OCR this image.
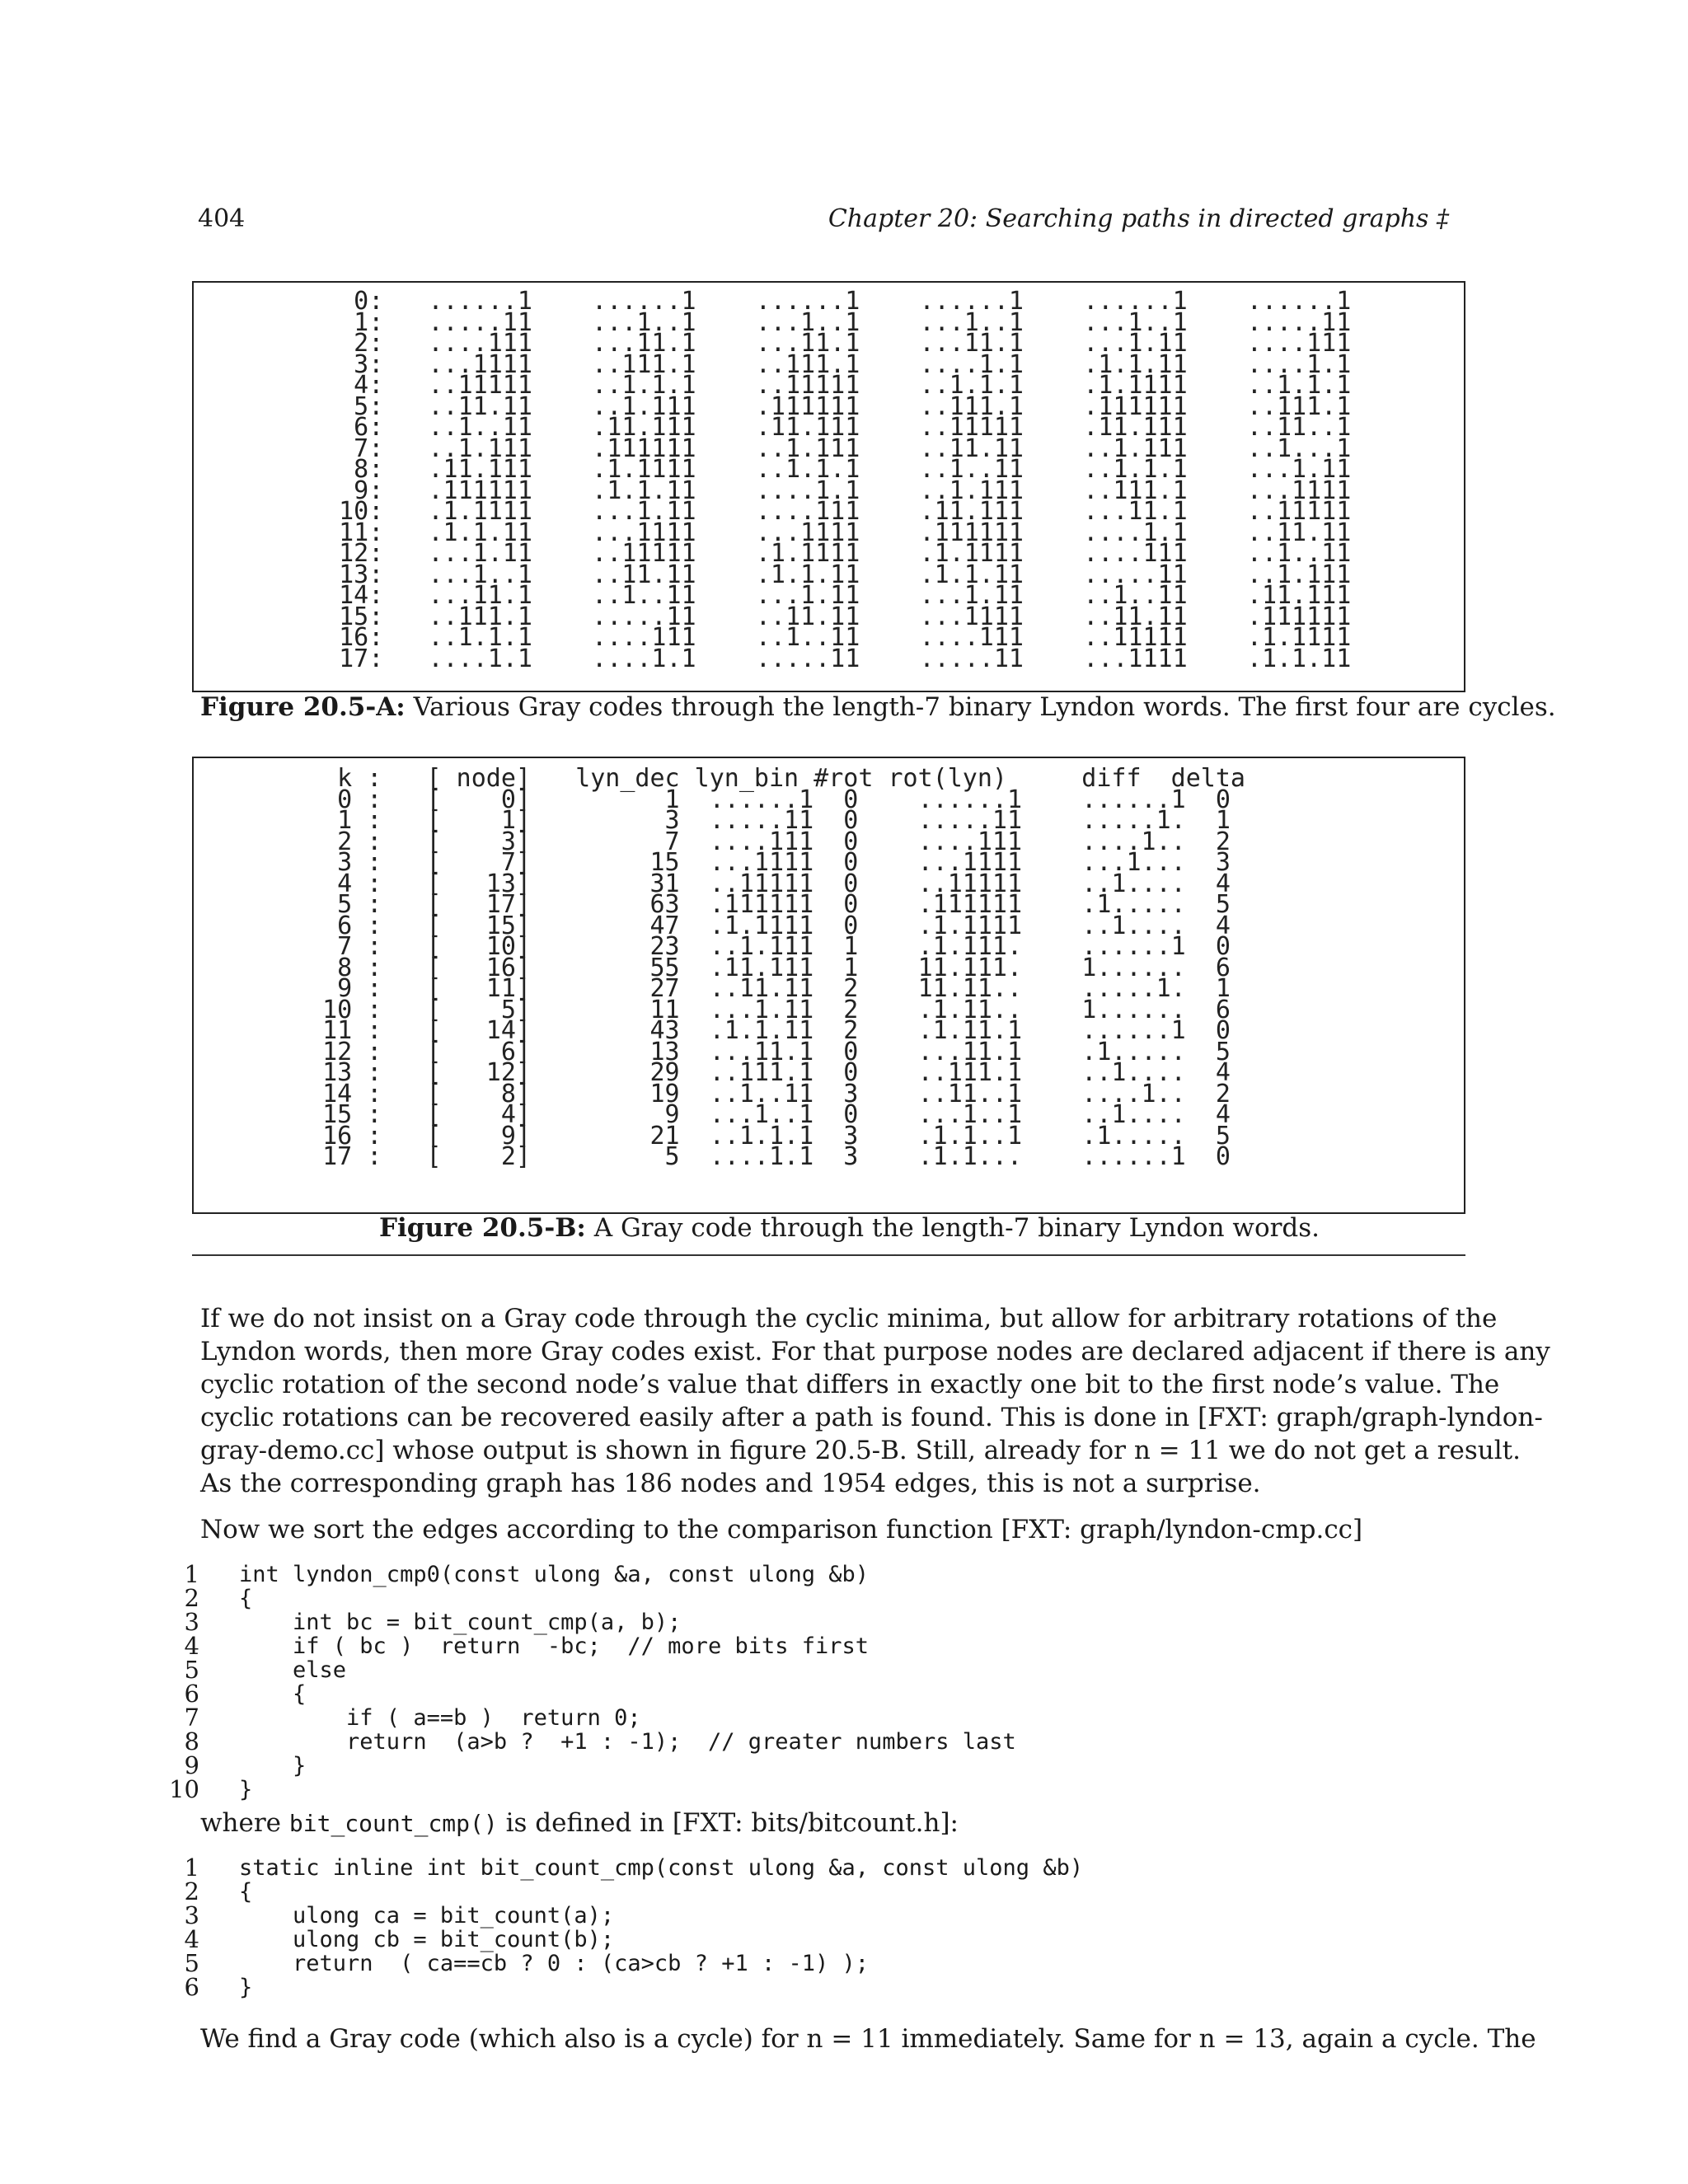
404	Chapter 20: Searching paths in directed graphs ‡
0:   ......1    ......1    ......1    ......1    ......1    ......1
1:   .....11    ...1..1    ...1..1    ...1..1    ...1..1    .....11
2:   ....111    ...11.1    ...11.1    ...11.1    ...1.11    ....111
3:   ...1111    ..111.1    ..111.1    ....1.1    .1.1.11    ....1.1
4:   ..11111    ..1.1.1    ..11111    ..1.1.1    .1.1111    ..1.1.1
5:   ..11.11    ..1.111    .111111    ..111.1    .111111    ..111.1
6:   ..1..11    .11.111    .11.111    ..11111    .11.111    ..11..1
7:   ..1.111    .111111    ..1.111    ..11.11    ..1.111    ..1...1
8:   .11.111    .1.1111    ..1.1.1    ..1..11    ..1.1.1    ...1.11
9:   .111111    .1.1.11    ....1.1    ..1.111    ..111.1    ...1111
10:   .1.1111    ...1.11    ....111    .11.111    ...11.1    ..11111
11:   .1.1.11    ...1111    ...1111    .111111    ....1.1    ..11.11
12:   ...1.11    ..11111    .1.1111    .1.1111    ....111    ..1..11
13:   ...1..1    ..11.11    .1.1.11    .1.1.11    .....11    ..1.111
14:   ...11.1    ..1..11    ...1.11    ...1.11    ..1..11    .11.111
15:   ..111.1    .....11    ..11.11    ...1111    ..11.11    .111111
16:   ..1.1.1    ....111    ..1..11    ....111    ..11111    .1.1111
17:   ....1.1    ....1.1    .....11    .....11    ...1111    .1.1.11
Figure 20.5-A: Various Gray codes through the length-7 binary Lyndon words. The first four are cycles.
k :   [ node]   lyn_dec lyn_bin #rot rot(lyn)     diff  delta
0 :   [    0]         1  ......1  0    ......1    ......1  0
1 :   [    1]         3  .....11  0    .....11    .....1.  1
2 :   [    3]         7  ....111  0    ....111    ....1..  2
3 :   [    7]        15  ...1111  0    ...1111    ...1...  3
4 :   [   13]        31  ..11111  0    ..11111    ..1....  4
5 :   [   17]        63  .111111  0    .111111    .1.....  5
6 :   [   15]        47  .1.1111  0    .1.1111    ..1....  4
7 :   [   10]        23  ..1.111  1    .1.111.    ......1  0
8 :   [   16]        55  .11.111  1    11.111.    1......  6
9 :   [   11]        27  ..11.11  2    11.11..    .....1.  1
10 :   [    5]        11  ...1.11  2    .1.11..    1......  6
11 :   [   14]        43  .1.1.11  2    .1.11.1    ......1  0
12 :   [    6]        13  ...11.1  0    ...11.1    .1.....  5
13 :   [   12]        29  ..111.1  0    ..111.1    ..1....  4
14 :   [    8]        19  ..1..11  3    ..11..1    ....1..  2
15 :   [    4]         9  ...1..1  0    ...1..1    ..1....  4
16 :   [    9]        21  ..1.1.1  3    .1.1..1    .1.....  5
17 :   [    2]         5  ....1.1  3    .1.1...    ......1  0
Figure 20.5-B: A Gray code through the length-7 binary Lyndon words.
If we do not insist on a Gray code through the cyclic minima, but allow for arbitrary rotations of the
Lyndon words, then more Gray codes exist. For that purpose nodes are declared adjacent if there is any
cyclic rotation of the second node’s value that differs in exactly one bit to the first node’s value. The
cyclic rotations can be recovered easily after a path is found. This is done in [FXT: graph/graph-lyndon-
gray-demo.cc] whose output is shown in figure 20.5-B. Still, already for n = 11 we do not get a result.
As the corresponding graph has 186 nodes and 1954 edges, this is not a surprise.
Now we sort the edges according to the comparison function [FXT: graph/lyndon-cmp.cc]
1	int lyndon_cmp0(const ulong &a, const ulong &b)
2	{
3	int bc = bit_count_cmp(a, b);
4	if ( bc )  return  -bc;  // more bits first
5	else
6	{
7	if ( a==b )  return 0;
8	return  (a>b ?  +1 : -1);  // greater numbers last
9	}
10	}
where bit_count_cmp() is defined in [FXT: bits/bitcount.h]:
1	static inline int bit_count_cmp(const ulong &a, const ulong &b)
2	{
3	ulong ca = bit_count(a);
4	ulong cb = bit_count(b);
5	return  ( ca==cb ? 0 : (ca>cb ? +1 : -1) );
6	}
We find a Gray code (which also is a cycle) for n = 11 immediately. Same for n = 13, again a cycle. The
